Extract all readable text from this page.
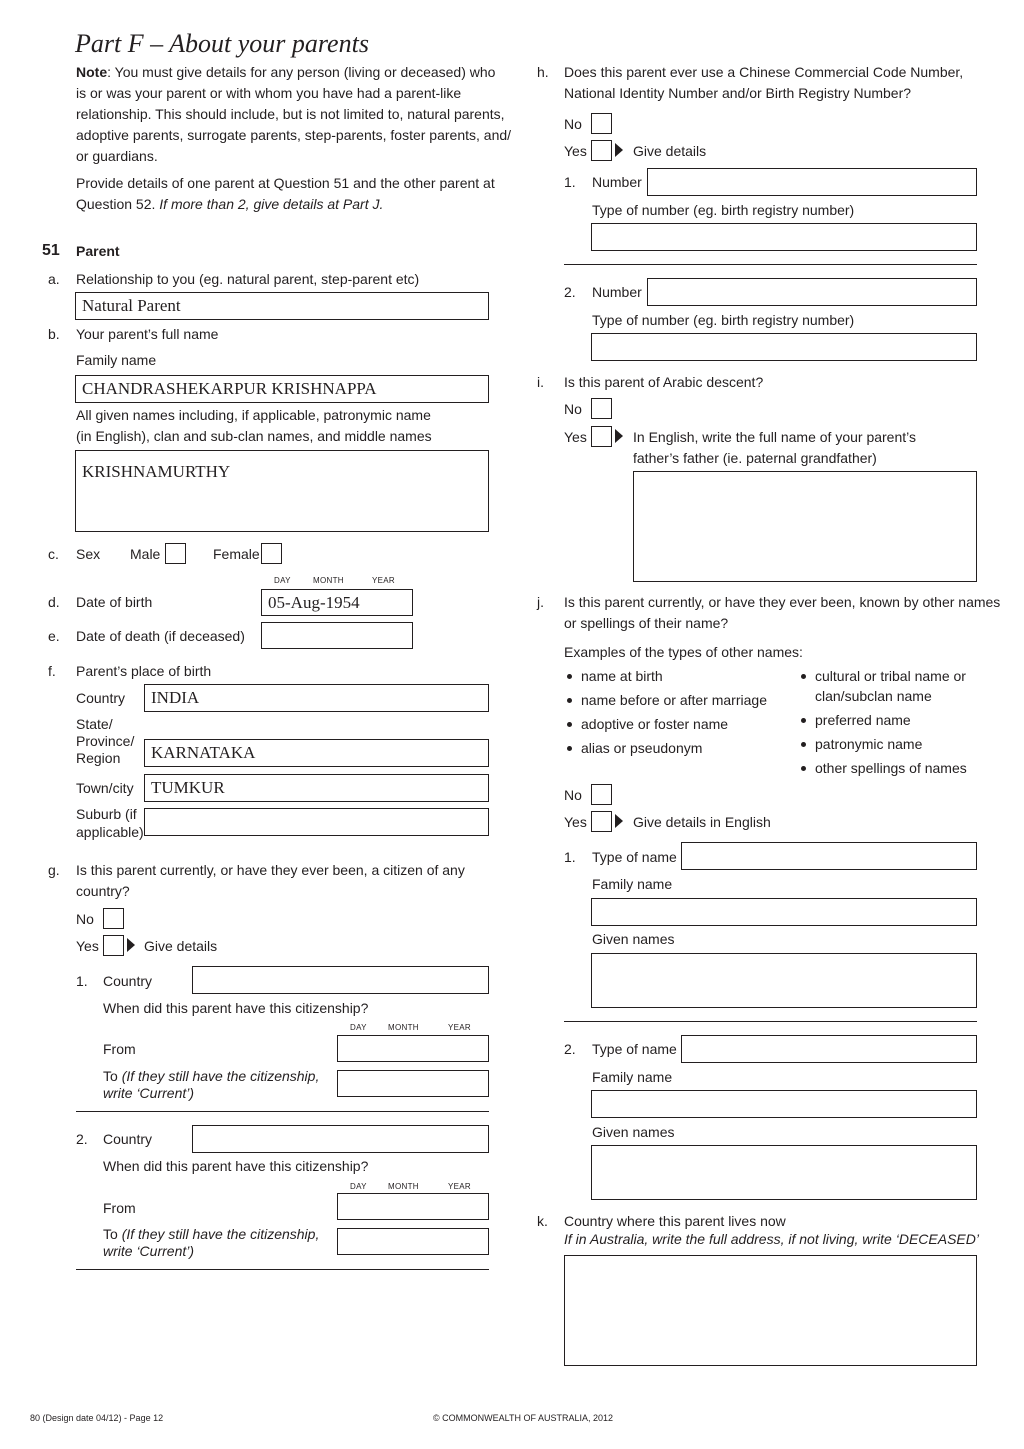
Part F – About your parents
Note: You must give details for any person (living or deceased) who
is or was your parent or with whom you have had a parent-like
relationship. This should include, but is not limited to, natural parents,
adoptive parents, surrogate parents, step-parents, foster parents, and/
or guardians.
Provide details of one parent at Question 51 and the other parent at
Question 52. If more than 2, give details at Part J.
51 Parent
a. Relationship to you (eg. natural parent, step-parent etc)
Natural Parent
b. Your parent’s full name
Family name
CHANDRASHEKARPUR KRISHNAPPA
All given names including, if applicable, patronymic name
(in English), clan and sub-clan names, and middle names
KRISHNAMURTHY
c. Sex Male	Female
DAY	MONTH	YEAR
d. Date of birth	05-Aug-1954
e. Date of death (if deceased)
f. Parent’s place of birth
Country INDIA
State/
Province/
Region KARNATAKA
Town/city TUMKUR
Suburb (if
applicable)
g. Is this parent currently, or have they ever been, a citizen of any
country?
No
Yes	Give details
1. Country
When did this parent have this citizenship?
DAY	MONTH	YEAR
From
To (If they still have the citizenship,
write ‘Current’)
2. Country
When did this parent have this citizenship?
DAY	MONTH	YEAR
From
To (If they still have the citizenship,
write ‘Current’)
h. Does this parent ever use a Chinese Commercial Code Number,
National Identity Number and/or Birth Registry Number?
No
Yes	Give details
1. Number
Type of number (eg. birth registry number)
2. Number
Type of number (eg. birth registry number)
i. Is this parent of Arabic descent?
No
Yes	In English, write the full name of your parent’s
father’s father (ie. paternal grandfather)
j. Is this parent currently, or have they ever been, known by other names
or spellings of their name?
Examples of the types of other names:
name at birth
name before or after marriage
adoptive or foster name
alias or pseudonym
cultural or tribal name or
clan/subclan name
preferred name
patronymic name
other spellings of names
No
Yes	Give details in English
1. Type of name
Family name
Given names
2. Type of name
Family name
Given names
k. Country where this parent lives now
If in Australia, write the full address, if not living, write ‘DECEASED’
80 (Design date 04/12) - Page 12	© COMMONWEALTH OF AUSTRALIA, 2012
